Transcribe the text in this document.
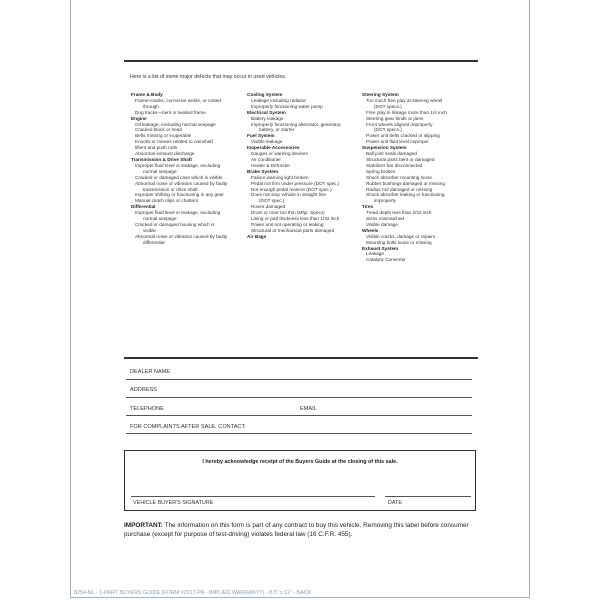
Here is a list of some major defects that may occur in used vehicles.
Frame & Body
Frame-cracks, corrective welds, or rusted
through
Dog tracks—bent or twisted frame
Engine
Oil leakage, excluding normal seepage
Cracked block or head
Belts missing or inoperable
Knocks or misses related to camshaft
lifters and push rods
Abnormal exhaust discharge
Transmission & Drive Shaft
Improper fluid level or leakage, excluding
normal seepage
Cracked or damaged case which is visible
Abnormal noise or vibration caused by faulty
transmission or drive shaft
Improper shifting or functioning in any gear
Manual clutch slips or chatters
Differential
Improper fluid level or leakage, excluding
normal seepage
Cracked or damaged housing which is
visible
Abnormal noise or vibration caused by faulty
differential
Cooling System
Leakage including radiator
Improperly functioning water pump
Electrical System
Battery leakage
Improperly functioning alternator, generator,
battery, or starter
Fuel System
Visible leakage
Inoperable Accessories
Gauges or warning devices
Air conditioner
Heater & Defroster
Brake System
Failure warning light broken
Pedal not firm under pressure (DOT spec.)
Not enough pedal reserve (DOT spec.)
Does not stop vehicle in straight line
(DOT spec.)
Hoses damaged
Drum or rotor too thin (Mfgr. Specs)
Lining or pad thickness less than 1/32 inch
Power unit not operating or leaking
Structural or mechanical parts damaged
Air Bags
Steering System
Too much free play at steering wheel
(DOT specs.)
Free play in linkage more than 1/4 inch
Steering gear binds or jams
Front wheels aligned improperly
(DOT specs.)
Power unit belts cracked or slipping
Power unit fluid level improper
Suspension System
Ball joint seals damaged
Structural parts bent or damaged
Stabilizer bar disconnected
Spring broken
Shock absorber mounting loose
Rubber bushings damaged or missing
Radius rod damaged or missing
Shock absorber leaking or functioning
improperly
Tires
Tread depth less than 2/32 inch
Sizes mismatched
Visible damage
Wheels
Visible cracks, damage or repairs
Mounting bolts loose or missing
Exhaust System
Leakage
Catalytic Converter
DEALER NAME
ADDRESS
TELEPHONE	EMAIL
FOR COMPLAINTS AFTER SALE, CONTACT:
I hereby acknowledge receipt of the Buyers Guide at the closing of this sale.
VEHICLE BUYER'S SIGNATURE	DATE
IMPORTANT: The information on this form is part of any contract to buy this vehicle. Removing this label before consumer purchase (except for purpose of test-driving) violates federal law (16 C.F.R. 455).
8254-NL - 1-PART BUYERS GUIDE (FORM #2017-PA - IMPLIED WARRANTY) - 8.5" x 11" - BACK
